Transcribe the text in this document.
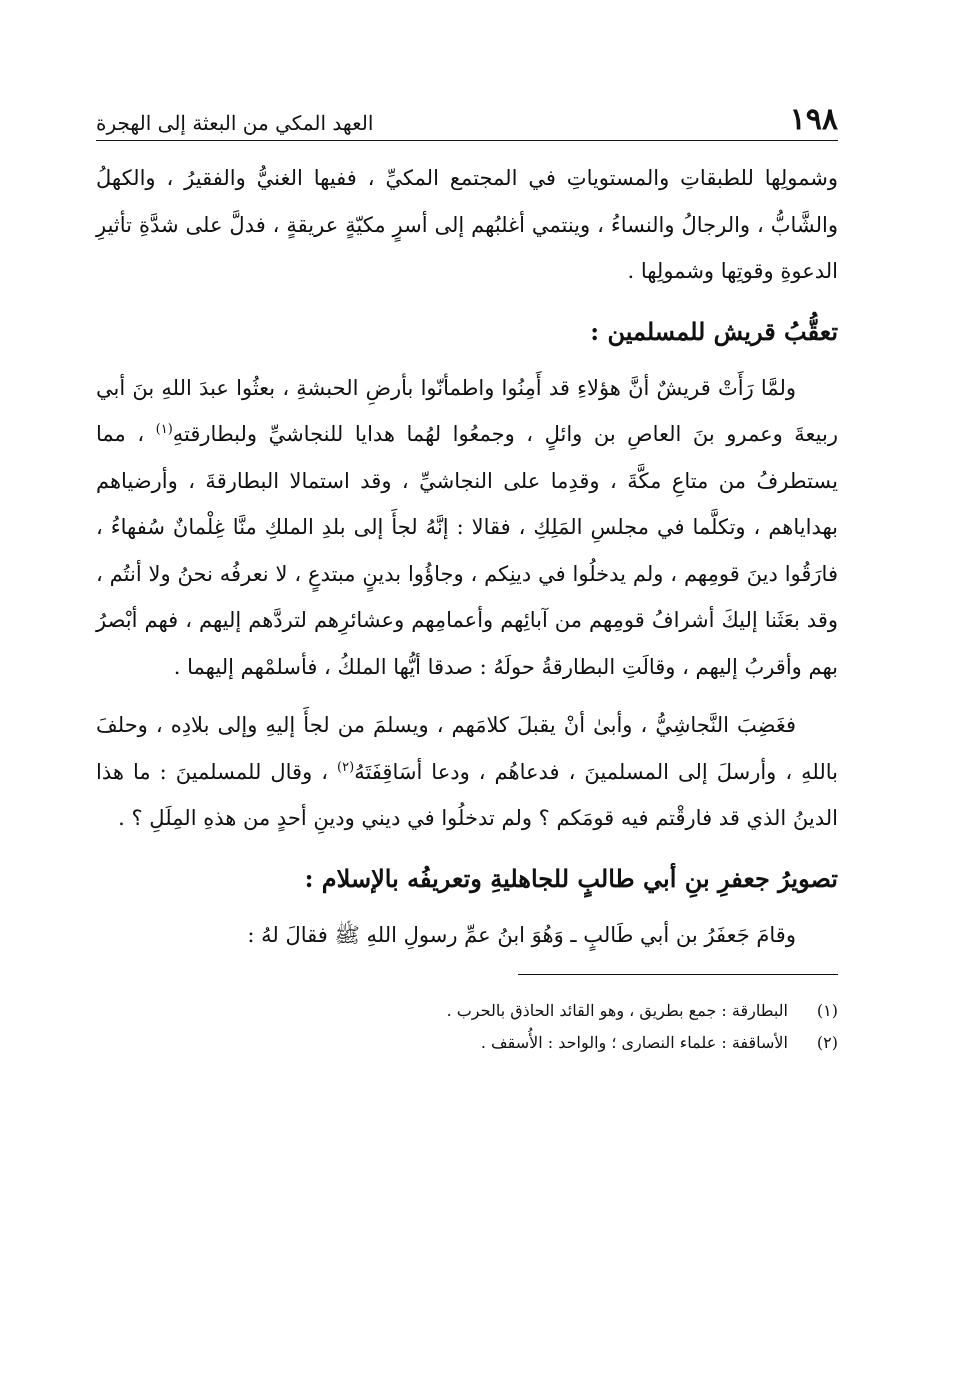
١٩٨
العهد المكي من البعثة إلى الهجرة

وشمولِها للطبقاتِ والمستوياتِ في المجتمع المكيِّ ، ففيها الغنيُّ والفقيرُ ، والكهلُ والشَّابُّ ، والرجالُ والنساءُ ، وينتمي أغلبُهم إلى أسرٍ مكيّةٍ عريقةٍ ، فدلَّ على شدَّةِ تأثيرِ الدعوةِ وقوتِها وشمولِها .

تعقُّبُ قريش للمسلمين :

ولمَّا رَأَتْ قريشٌ أنَّ هؤلاءِ قد أَمِنُوا واطمأنّوا بأرضِ الحبشةِ ، بعثُوا عبدَ اللهِ بنَ أبي ربيعةَ وعمرو بنَ العاصِ بن وائلٍ ، وجمعُوا لهُما هدايا للنجاشيِّ ولبطارقتهِ$^{(١)}$ ، مما يستطرفُ من متاعِ مكَّةَ ، وقدِما على النجاشيِّ ، وقد استمالا البطارقةَ ، وأرضياهم بهداياهم ، وتكلَّما في مجلسِ المَلِكِ ، فقالا : إنَّهُ لجأَ إلى بلدِ الملكِ منَّا غِلْمانٌ سُفهاءُ ، فارَقُوا دينَ قومِهم ، ولم يدخلُوا في دينِكم ، وجاؤُوا بدينٍ مبتدعٍ ، لا نعرفُه نحنُ ولا أنتُم ، وقد بعَثَنا إليكَ أشرافُ قومِهم من آبائِهم وأعمامِهم وعشائرِهم لتردَّهم إليهم ، فهم أبْصرُ بهم وأقربُ إليهم ، وقالَتِ البطارقةُ حولَهُ : صدقا أيُّها الملكُ ، فأسلمْهم إليهما .

فغَضِبَ النَّجاشِيُّ ، وأبىٰ أنْ يقبلَ كلامَهم ، ويسلمَ من لجأَ إليهِ وإلى بلادِه ، وحلفَ باللهِ ، وأرسلَ إلى المسلمينَ ، فدعاهُم ، ودعا أسَاقِفَتَهُ$^{(٢)}$ ، وقال للمسلمينَ : ما هذا الدينُ الذي قد فارقْتم فيه قومَكم ؟ ولم تدخلُوا في ديني ودينِ أحدٍ من هذهِ المِلَلِ ؟ .

تصويرُ جعفرِ بنِ أبي طالبٍ للجاهليةِ وتعريفُه بالإسلام :

وقامَ جَعفَرُ بن أبي طَالبٍ ـ وَهُوَ ابنُ عمِّ رسولِ اللهِ ﷺ فقالَ لهُ :

(١)
البطارقة : جمع بطريق ، وهو القائد الحاذق بالحرب .
(٢)
الأساقفة : علماء النصارى ؛ والواحد : الأُسقف .
